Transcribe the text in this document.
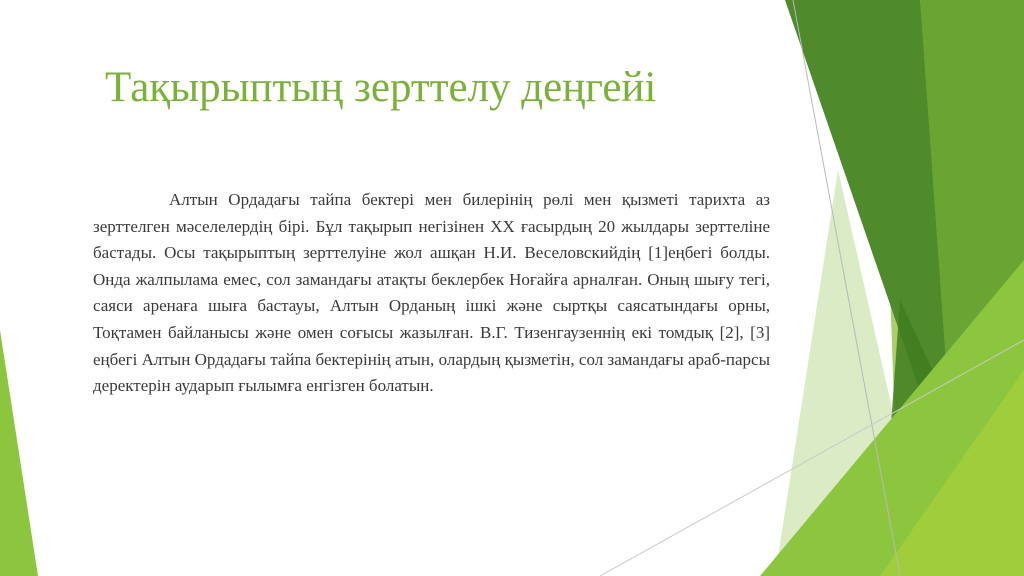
Тақырыптың зерттелу деңгейі

Алтын Ордадағы тайпа бектері мен билерінің рөлі мен қызметі тарихта аз зерттелген мәселелердің бірі. Бұл тақырып негізінен ХХ ғасырдың 20 жылдары зерттеліне бастады. Осы тақырыптың зерттелуіне жол ашқан Н.И. Веселовскийдің [1]еңбегі болды. Онда жалпылама емес, сол замандағы атақты беклербек Ноғайға арналған. Оның шығу тегі, саяси аренаға шыға бастауы, Алтын Орданың ішкі және сыртқы саясатындағы орны, Тоқтамен байланысы және омен соғысы жазылған. В.Г. Тизенгаузеннің екі томдық [2], [3] еңбегі Алтын Ордадағы тайпа бектерінің атын, олардың қызметін, сол замандағы араб-парсы деректерін аударып ғылымға енгізген болатын.
